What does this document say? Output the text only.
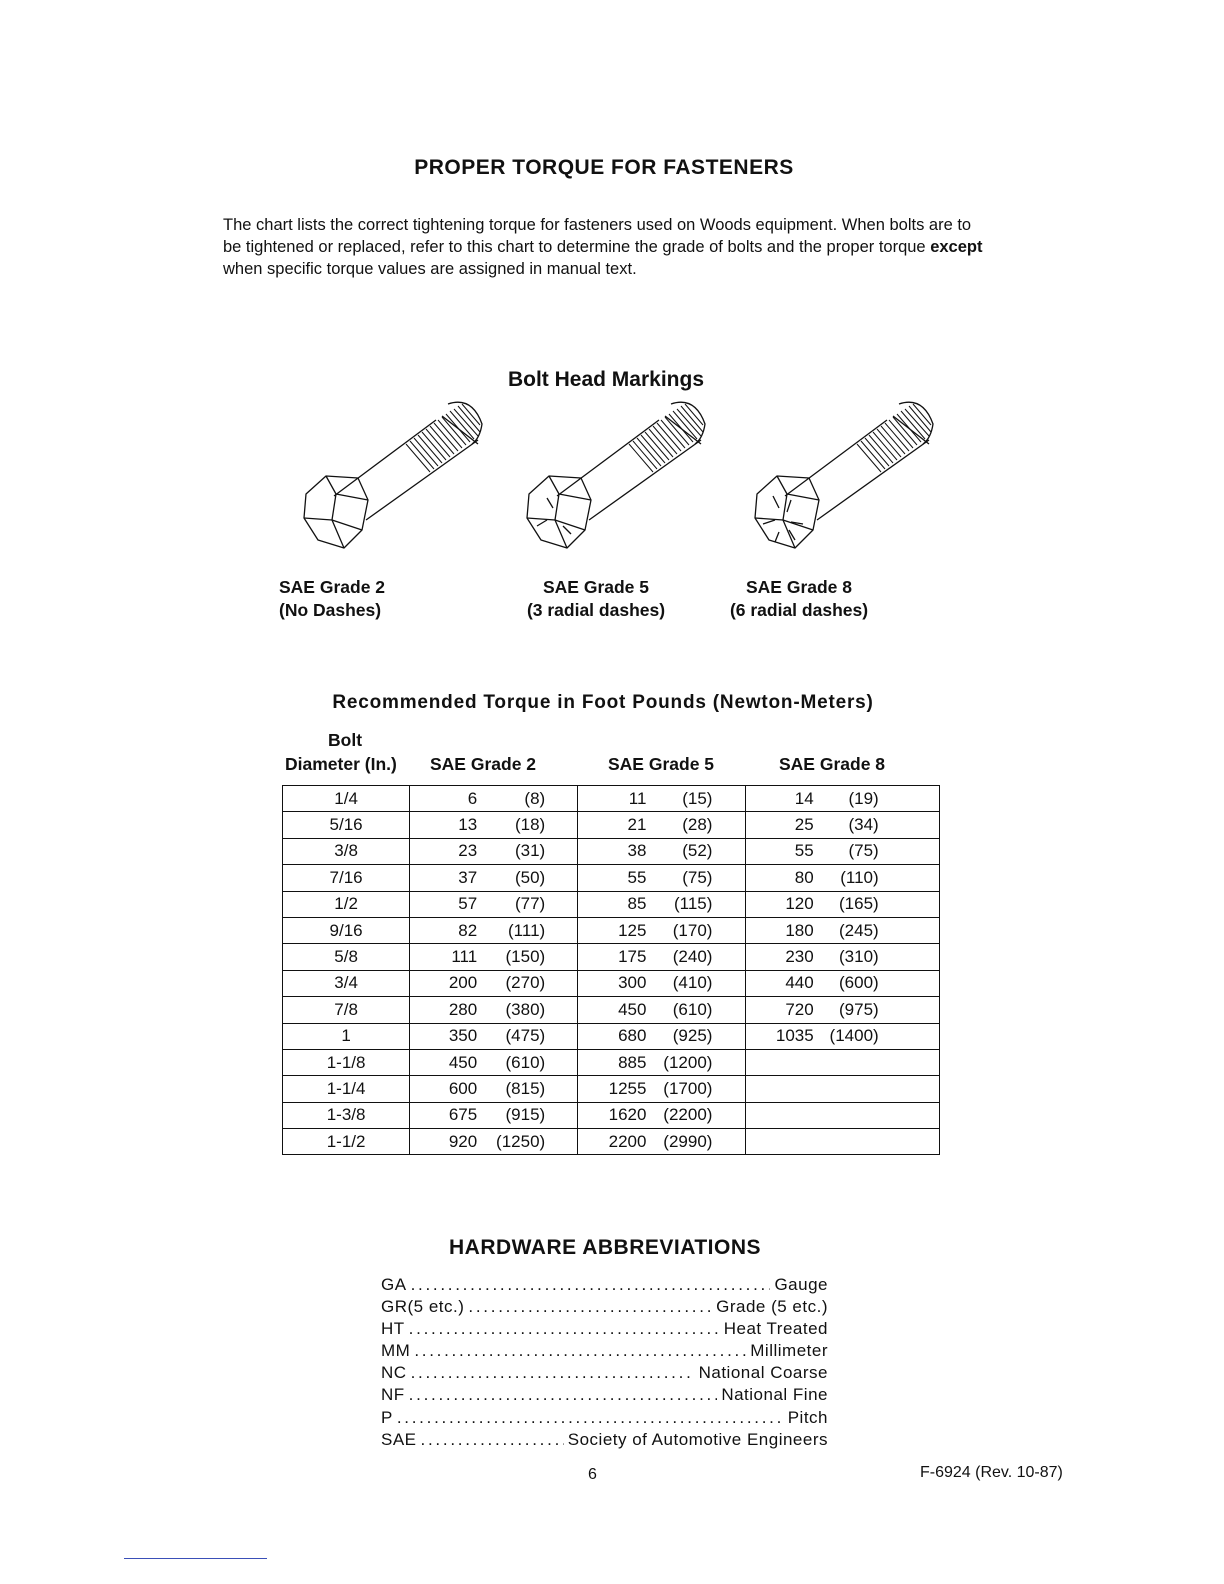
PROPER TORQUE FOR FASTENERS
The chart lists the correct tightening torque for fasteners used on Woods equipment. When bolts are to be tightened or replaced, refer to this chart to determine the grade of bolts and the proper torque except when specific torque values are assigned in manual text.
Bolt Head Markings
SAE Grade 2
(No Dashes)
SAE Grade 5
(3 radial dashes)
SAE Grade 8
(6 radial dashes)
Recommended Torque in Foot Pounds (Newton-Meters)
Bolt
Diameter (In.) SAE Grade 2	SAE Grade 5	SAE Grade 8
1/4	6 (8)	11 (15)	14 (19)

5/16	13 (18)	21 (28)	25 (34)

3/8	23 (31)	38 (52)	55 (75)

7/16	37 (50)	55 (75)	80 (110)

1/2	57 (77)	85 (115)	120 (165)

9/16	82 (111)	125 (170)	180 (245)

5/8	111 (150)	175 (240)	230 (310)

3/4	200 (270)	300 (410)	440 (600)

7/8	280 (380)	450 (610)	720 (975)

1	350 (475)	680 (925)	1035 (1400)

1-1/8	450 (610)	885 (1200)	

1-1/4	600 (815)	1255 (1700)	

1-3/8	675 (915)	1620 (2200)	

1-1/2	920 (1250)	2200 (2990)	

HARDWARE ABBREVIATIONS
GA . . .	Gauge
GR(5 etc.) . . .	Grade (5 etc.)
HT . . .	Heat Treated
MM . . .	Millimeter
NC . . .	National Coarse
NF . . .	National Fine
P . . .	Pitch
SAE . . .	Society of Automotive Engineers
6	F-6924 (Rev. 10-87)
